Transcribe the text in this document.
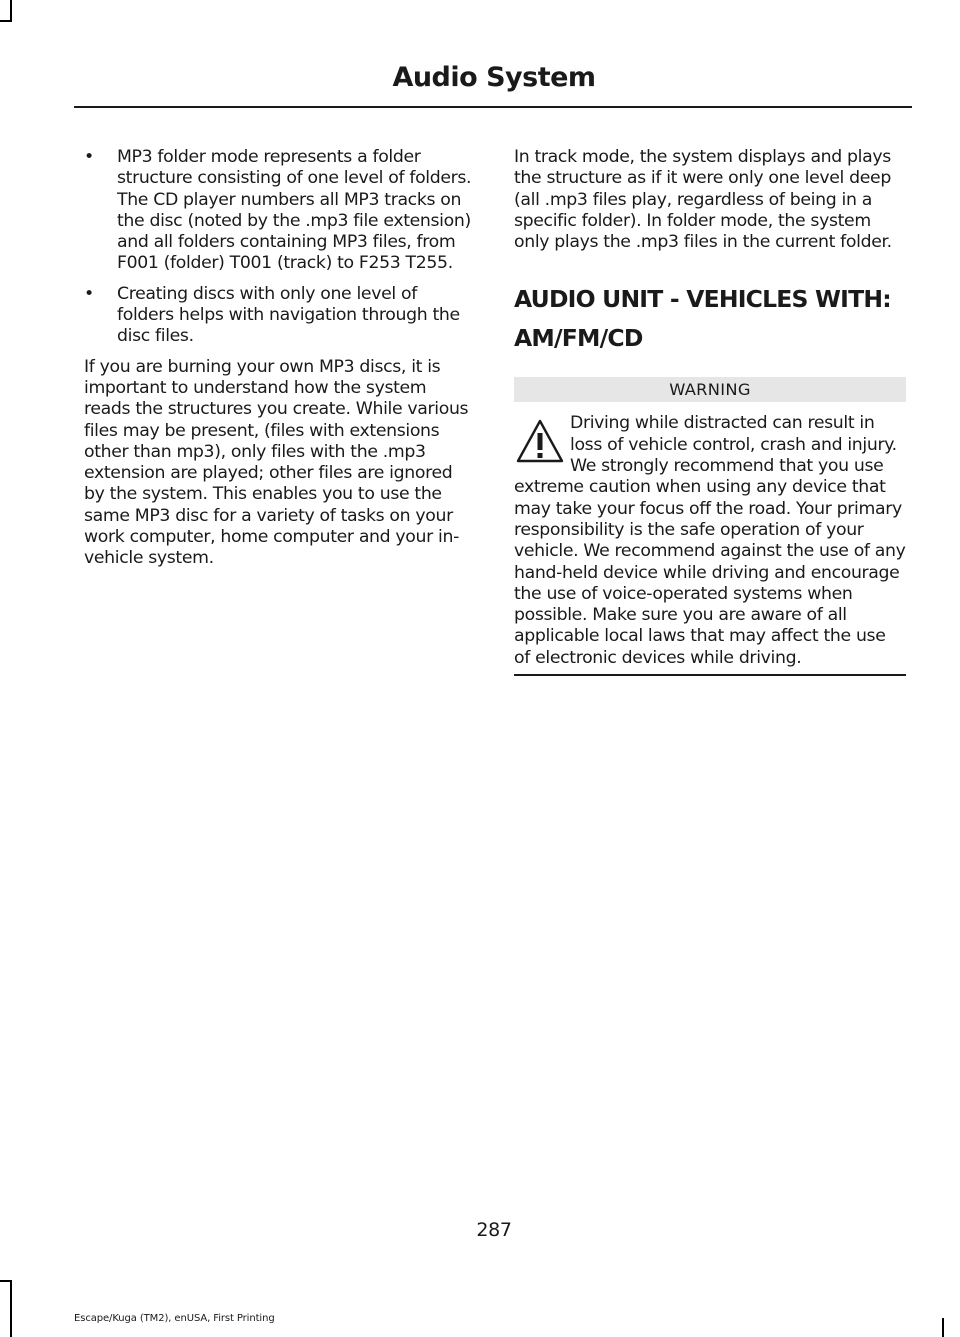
Audio System
• MP3 folder mode represents a folder structure consisting of one level of folders. The CD player numbers all MP3 tracks on the disc (noted by the .mp3 file extension) and all folders containing MP3 files, from F001 (folder) T001 (track) to F253 T255.
• Creating discs with only one level of folders helps with navigation through the disc files.

If you are burning your own MP3 discs, it is important to understand how the system reads the structures you create. While various files may be present, (files with extensions other than mp3), only files with the .mp3 extension are played; other files are ignored by the system. This enables you to use the same MP3 disc for a variety of tasks on your work computer, home computer and your in-vehicle system.

In track mode, the system displays and plays the structure as if it were only one level deep (all .mp3 files play, regardless of being in a specific folder). In folder mode, the system only plays the .mp3 files in the current folder.

AUDIO UNIT - VEHICLES WITH:
AM/FM/CD
WARNING

Driving while distracted can result in loss of vehicle control, crash and injury. We strongly recommend that you use extreme caution when using any device that may take your focus off the road. Your primary responsibility is the safe operation of your vehicle. We recommend against the use of any hand-held device while driving and encourage the use of voice-operated systems when possible. Make sure you are aware of all applicable local laws that may affect the use of electronic devices while driving.

287
Escape/Kuga (TM2), enUSA, First Printing
